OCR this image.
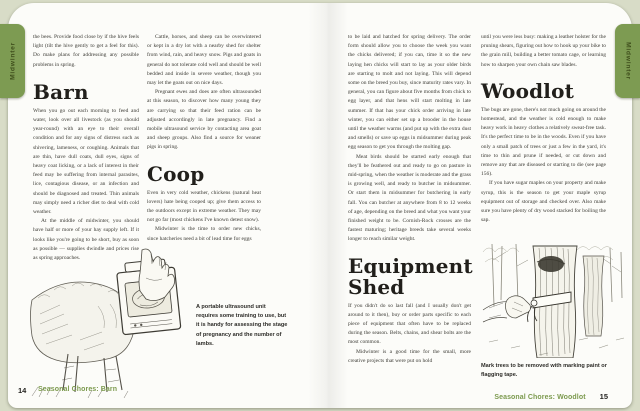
Midwinter	Midwinter

the bees. Provide food close by if the hive feels light (tilt the hive gently to get a feel for this). Do make plans for addressing any possible problems in spring.

Barn

When you go out each morning to feed and water, look over all livestock (as you should year-round) with an eye to their overall condition and for any signs of distress such as shivering, lameness, or coughing. Animals that are thin, have dull coats, dull eyes, signs of heavy coat licking, or a lack of interest in their feed may be suffering from internal parasites, lice, contagious disease, or an infection and should be diagnosed and treated. Thin animals may simply need a richer diet to deal with cold weather.

At the middle of midwinter, you should have half or more of your hay supply left. If it looks like you're going to be short, buy as soon as possible — supplies dwindle and prices rise as spring approaches.

Cattle, horses, and sheep can be overwintered or kept in a dry lot with a nearby shed for shelter from wind, rain, and heavy snow. Pigs and goats in general do not tolerate cold well and should be well bedded and inside in severe weather, though you may let the goats out on nice days.

Pregnant ewes and does are often ultrasounded at this season, to discover how many young they are carrying so that their feed ration can be adjusted accordingly in late pregnancy. Find a mobile ultrasound service by contacting area goat and sheep groups. Also find a source for weaner pigs in spring.

Coop

Even in very cold weather, chickens (natural heat lovers) hate being cooped up; give them access to the outdoors except in extreme weather. They may not go far (most chickens I've known detest snow).

Midwinter is the time to order new chicks, since hatcheries need a bit of lead time for eggs

A portable ultrasound unit requires some training to use, but it is handy for assessing the stage of pregnancy and the number of lambs.
14 Seasonal Chores: Barn

to be laid and hatched for spring delivery. The order form should allow you to choose the week you want the chicks delivered; if you can, time it so the new laying hen chicks will start to lay as your older birds are starting to molt and not laying. This will depend some on the breed you buy, since maturity rates vary. In general, you can figure about five months from chick to egg layer, and that hens will start molting in late summer. If that has your chick order arriving in late winter, you can either set up a brooder in the house until the weather warms (and put up with the extra dust and smells) or save up eggs in midsummer during peak egg season to get you through the molting gap.

Meat birds should be started early enough that they'll be feathered out and ready to go on pasture in mid-spring, when the weather is moderate and the grass is growing well, and ready to butcher in midsummer. Or start them in midsummer for butchering in early fall. You can butcher at anywhere from 8 to 12 weeks of age, depending on the breed and what you want your finished weight to be. Cornish-Rock crosses are the fastest maturing; heritage breeds take several weeks longer to reach similar weight.

Equipment
Shed

If you didn't do so last fall (and I usually don't get around to it then), buy or order parts specific to each piece of equipment that often have to be replaced during the season. Belts, chains, and shear bolts are the most common.

Midwinter is a good time for the small, more creative projects that were put on hold

until you were less busy: making a leather holster for the pruning shears, figuring out how to hook up your bike to the grain mill, building a better tomato cage, or learning how to sharpen your own chain saw blades.

Woodlot

The bugs are gone, there's not much going on around the homestead, and the weather is cold enough to make heavy work in heavy clothes a relatively sweat-free task. It's the perfect time to be in the woods. Even if you have only a small patch of trees or just a few in the yard, it's time to thin and prune if needed, or cut down and remove any that are diseased or starting to die (see page 156).

If you have sugar maples on your property and make syrup, this is the season to get your maple syrup equipment out of storage and checked over. Also make sure you have plenty of dry wood stacked for boiling the sap.

Mark trees to be removed with marking paint or flagging tape.
Seasonal Chores: Woodlot 15
